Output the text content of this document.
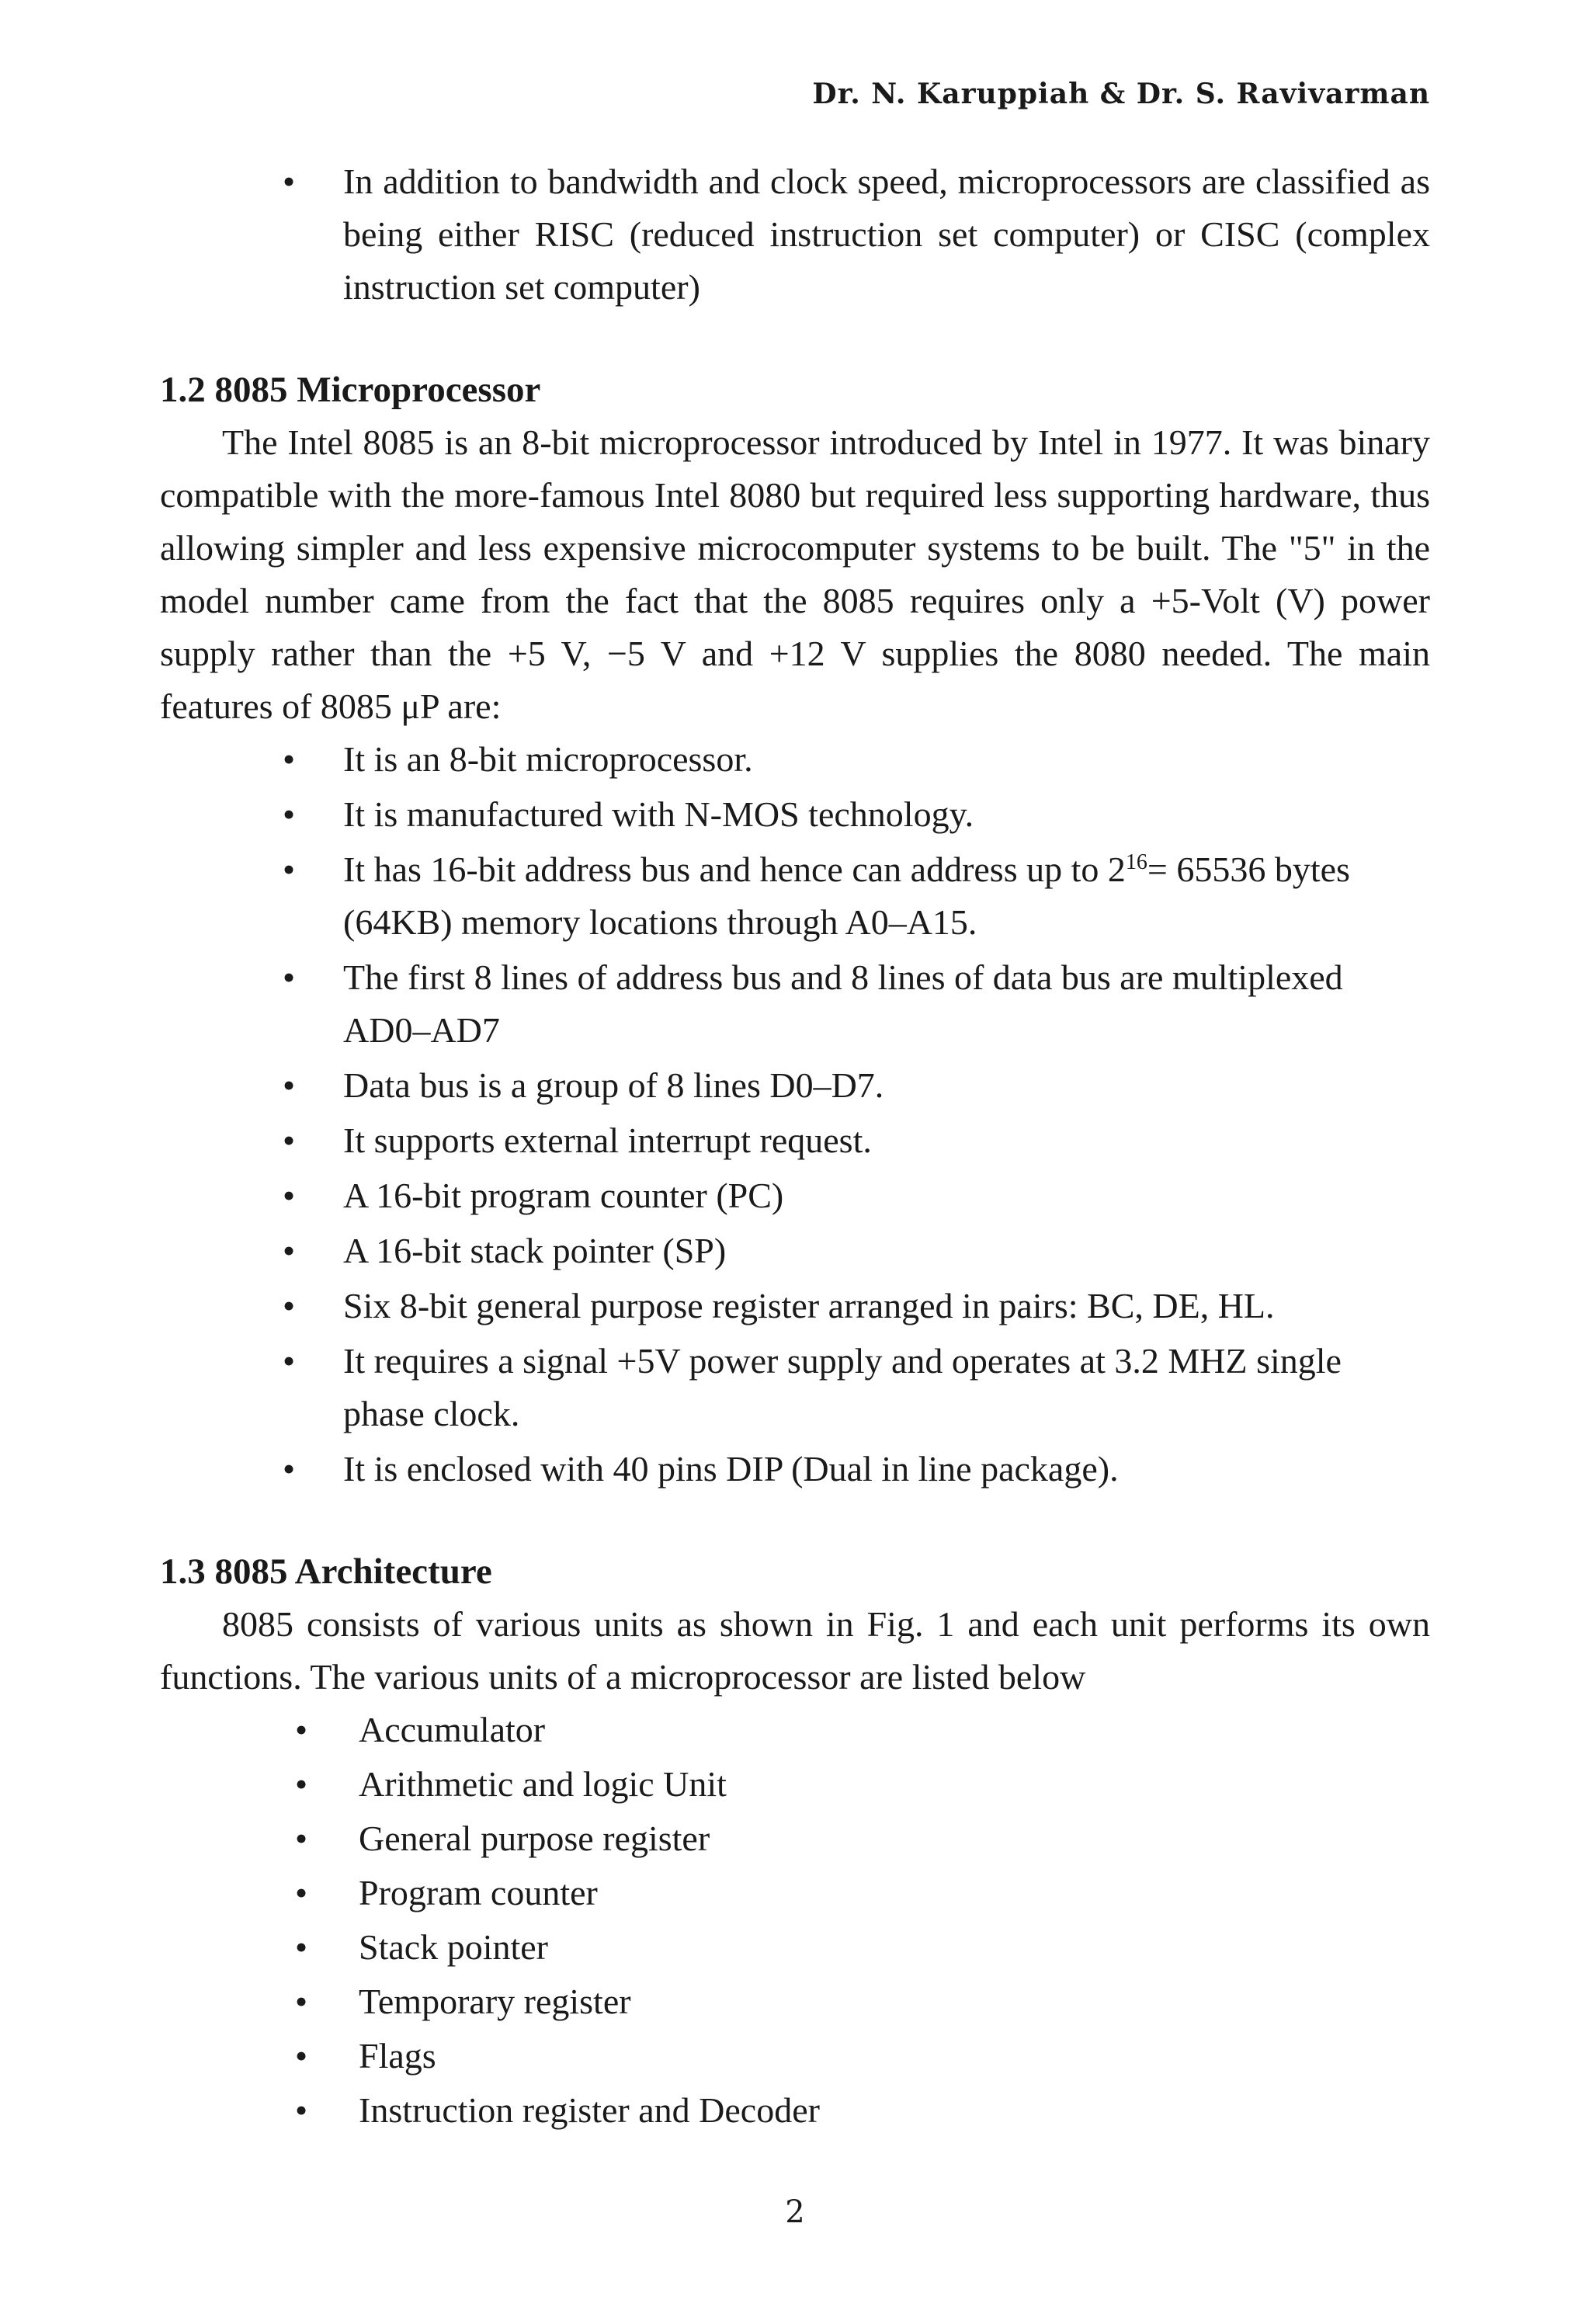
Dr. N. Karuppiah & Dr. S. Ravivarman
• In addition to bandwidth and clock speed, microprocessors are classified as being either RISC (reduced instruction set computer) or CISC (complex instruction set computer)
1.2 8085 Microprocessor

The Intel 8085 is an 8-bit microprocessor introduced by Intel in 1977. It was binary compatible with the more-famous Intel 8080 but required less supporting hardware, thus allowing simpler and less expensive microcomputer systems to be built. The "5" in the model number came from the fact that the 8085 requires only a +5-Volt (V) power supply rather than the +5 V, −5 V and +12 V supplies the 8080 needed. The main features of 8085 μP are:

• It is an 8-bit microprocessor.
• It is manufactured with N-MOS technology.
• It has 16-bit address bus and hence can address up to $2^{16}= 65536$ bytes (64KB) memory locations through A0–A15.
• The first 8 lines of address bus and 8 lines of data bus are multiplexed AD0–AD7
• Data bus is a group of 8 lines D0–D7.
• It supports external interrupt request.
• A 16-bit program counter (PC)
• A 16-bit stack pointer (SP)
• Six 8-bit general purpose register arranged in pairs: BC, DE, HL.
• It requires a signal +5V power supply and operates at 3.2 MHZ single phase clock.
• It is enclosed with 40 pins DIP (Dual in line package).
1.3 8085 Architecture

8085 consists of various units as shown in Fig. 1 and each unit performs its own functions. The various units of a microprocessor are listed below

• Accumulator
• Arithmetic and logic Unit
• General purpose register
• Program counter
• Stack pointer
• Temporary register
• Flags
• Instruction register and Decoder
2
